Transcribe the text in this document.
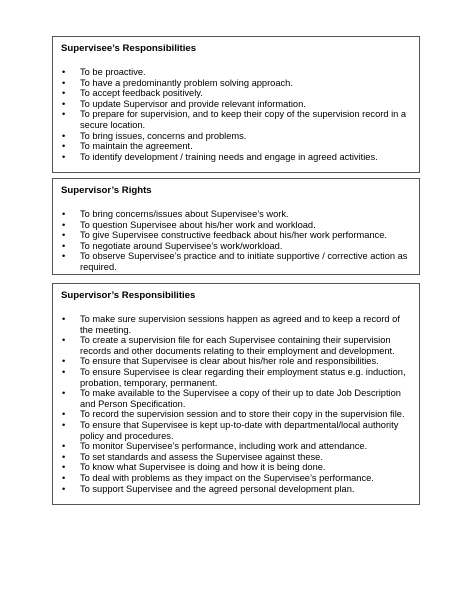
Supervisee’s Responsibilities
• To be proactive.
• To have a predominantly problem solving approach.
• To accept feedback positively.
• To update Supervisor and provide relevant information.
• To prepare for supervision, and to keep their copy of the supervision record in a secure location.
• To bring issues, concerns and problems.
• To maintain the agreement.
• To identify development / training needs and engage in agreed activities.
Supervisor’s Rights
• To bring concerns/issues about Supervisee’s work.
• To question Supervisee about his/her work and workload.
• To give Supervisee constructive feedback about his/her work performance.
• To negotiate around Supervisee’s work/workload.
• To observe Supervisee’s practice and to initiate supportive / corrective action as required.
Supervisor’s Responsibilities
• To make sure supervision sessions happen as agreed and to keep a record of the meeting.
• To create a supervision file for each Supervisee containing their supervision records and other documents relating to their employment and development.
• To ensure that Supervisee is clear about his/her role and responsibilities.
• To ensure Supervisee is clear regarding their employment status e.g. induction, probation, temporary, permanent.
• To make available to the Supervisee a copy of their up to date Job Description and Person Specification.
• To record the supervision session and to store their copy in the supervision file.
• To ensure that Supervisee is kept up-to-date with departmental/local authority policy and procedures.
• To monitor Supervisee’s performance, including work and attendance.
• To set standards and assess the Supervisee against these.
• To know what Supervisee is doing and how it is being done.
• To deal with problems as they impact on the Supervisee’s performance.
• To support Supervisee and the agreed personal development plan.
